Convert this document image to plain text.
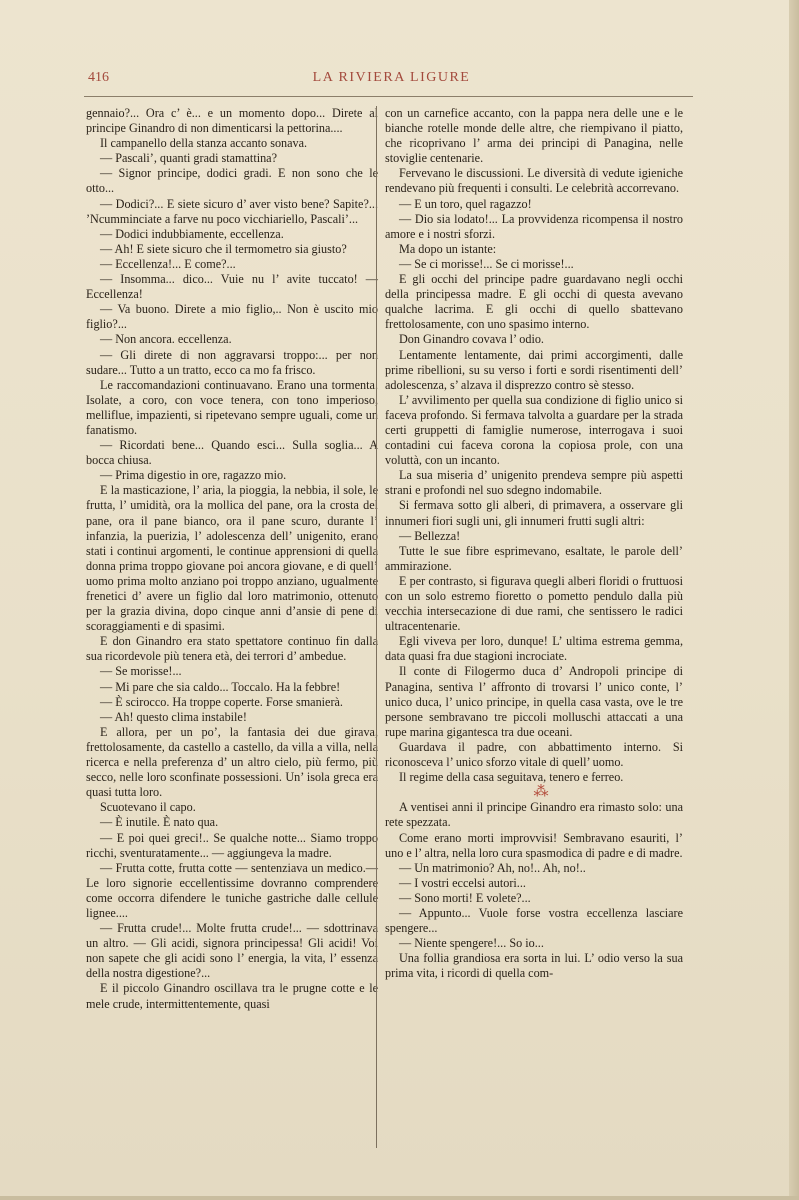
416	LA RIVIERA LIGURE

gennaio?... Ora c’ è... e un momento dopo... Direte al principe Ginandro di non dimenticarsi la pettorina....

Il campanello della stanza accanto sonava.

— Pascali’, quanti gradi stamattina?

— Signor principe, dodici gradi. E non sono che le otto...

— Dodici?... E siete sicuro d’ aver visto bene? Sapite?... ’Ncumminciate a farve nu poco vicchiariello, Pascali’...

— Dodici indubbiamente, eccellenza.

— Ah! E siete sicuro che il termometro sia giusto?

— Eccellenza!... E come?...

— Insomma... dico... Vuie nu l’ avite tuccato! — Eccellenza!

— Va buono. Direte a mio figlio,.. Non è uscito mio figlio?...

— Non ancora. eccellenza.

— Gli direte di non aggravarsi troppo:... per non sudare... Tutto a un tratto, ecco ca mo fa frisco.

Le raccomandazioni continuavano. Erano una tormenta. Isolate, a coro, con voce tenera, con tono imperioso, melliflue, impazienti, si ripetevano sempre uguali, come un fanatismo.

— Ricordati bene... Quando esci... Sulla soglia... A bocca chiusa.

— Prima digestio in ore, ragazzo mio.

E la masticazione, l’ aria, la pioggia, la nebbia, il sole, le frutta, l’ umidità, ora la mollica del pane, ora la crosta del pane, ora il pane bianco, ora il pane scuro, durante l’ infanzia, la puerizia, l’ adolescenza dell’ unigenito, erano stati i continui argomenti, le continue apprensioni di quella donna prima troppo giovane poi ancora giovane, e di quell’ uomo prima molto anziano poi troppo anziano, ugualmente frenetici d’ avere un figlio dal loro matrimonio, ottenuto per la grazia divina, dopo cinque anni d’ansie di pene di scoraggiamenti e di spasimi.

E don Ginandro era stato spettatore continuo fin dalla sua ricordevole più tenera età, dei terrori d’ ambedue.

— Se morisse!...

— Mi pare che sia caldo... Toccalo. Ha la febbre!

— È scirocco. Ha troppe coperte. Forse smanierà.

— Ah! questo clima instabile!

E allora, per un po’, la fantasia dei due girava, frettolosamente, da castello a castello, da villa a villa, nella ricerca e nella preferenza d’ un altro cielo, più fermo, più secco, nelle loro sconfinate possessioni. Un’ isola greca era quasi tutta loro.

Scuotevano il capo.

— È inutile. È nato qua.

— E poi quei greci!.. Se qualche notte... Siamo troppo ricchi, sventuratamente... — aggiungeva la madre.

— Frutta cotte, frutta cotte — sentenziava un medico.— Le loro signorie eccellentissime dovranno comprendere come occorra difendere le tuniche gastriche dalle cellule lignee....

— Frutta crude!... Molte frutta crude!... — sdottrinava un altro. — Gli acidi, signora principessa! Gli acidi! Voi non sapete che gli acidi sono l’ energia, la vita, l’ essenza della nostra digestione?...

E il piccolo Ginandro oscillava tra le prugne cotte e le mele crude, intermittentemente, quasi

con un carnefice accanto, con la pappa nera delle une e le bianche rotelle monde delle altre, che riempivano il piatto, che ricoprivano l’ arma dei principi di Panagina, nelle stoviglie centenarie.

Fervevano le discussioni. Le diversità di vedute igieniche rendevano più frequenti i consulti. Le celebrità accorrevano.

— E un toro, quel ragazzo!

— Dio sia lodato!... La provvidenza ricompensa il nostro amore e i nostri sforzi.

Ma dopo un istante:

— Se ci morisse!... Se ci morisse!...

E gli occhi del principe padre guardavano negli occhi della principessa madre. E gli occhi di questa avevano qualche lacrima. E gli occhi di quello sbattevano frettolosamente, con uno spasimo interno.

Don Ginandro covava l’ odio.

Lentamente lentamente, dai primi accorgimenti, dalle prime ribellioni, su su verso i forti e sordi risentimenti dell’ adolescenza, s’ alzava il disprezzo contro sè stesso.

L’ avvilimento per quella sua condizione di figlio unico si faceva profondo. Si fermava talvolta a guardare per la strada certi gruppetti di famiglie numerose, interrogava i suoi contadini cui faceva corona la copiosa prole, con una voluttà, con un incanto.

La sua miseria d’ unigenito prendeva sempre più aspetti strani e profondi nel suo sdegno indomabile.

Si fermava sotto gli alberi, di primavera, a osservare gli innumeri fiori sugli uni, gli innumeri frutti sugli altri:

— Bellezza!

Tutte le sue fibre esprimevano, esaltate, le parole dell’ ammirazione.

E per contrasto, si figurava quegli alberi floridi o fruttuosi con un solo estremo fioretto o pometto pendulo dalla più vecchia intersecazione di due rami, che sentissero le radici ultracentenarie.

Egli viveva per loro, dunque! L’ ultima estrema gemma, data quasi fra due stagioni incrociate.

Il conte di Filogermo duca d’ Andropoli principe di Panagina, sentiva l’ affronto di trovarsi l’ unico conte, l’ unico duca, l’ unico principe, in quella casa vasta, ove le tre persone sembravano tre piccoli molluschi attaccati a una rupe marina gigantesca tra due oceani.

Guardava il padre, con abbattimento interno. Si riconosceva l’ unico sforzo vitale di quell’ uomo.

Il regime della casa seguitava, tenero e ferreo.

⁂

A ventisei anni il principe Ginandro era rimasto solo: una rete spezzata.

Come erano morti improvvisi! Sembravano esauriti, l’ uno e l’ altra, nella loro cura spasmodica di padre e di madre.

— Un matrimonio? Ah, no!.. Ah, no!..

— I vostri eccelsi autori...

— Sono morti! E volete?...

— Appunto... Vuole forse vostra eccellenza lasciare spengere...

— Niente spengere!... So io...

Una follia grandiosa era sorta in lui. L’ odio verso la sua prima vita, i ricordi di quella com-
